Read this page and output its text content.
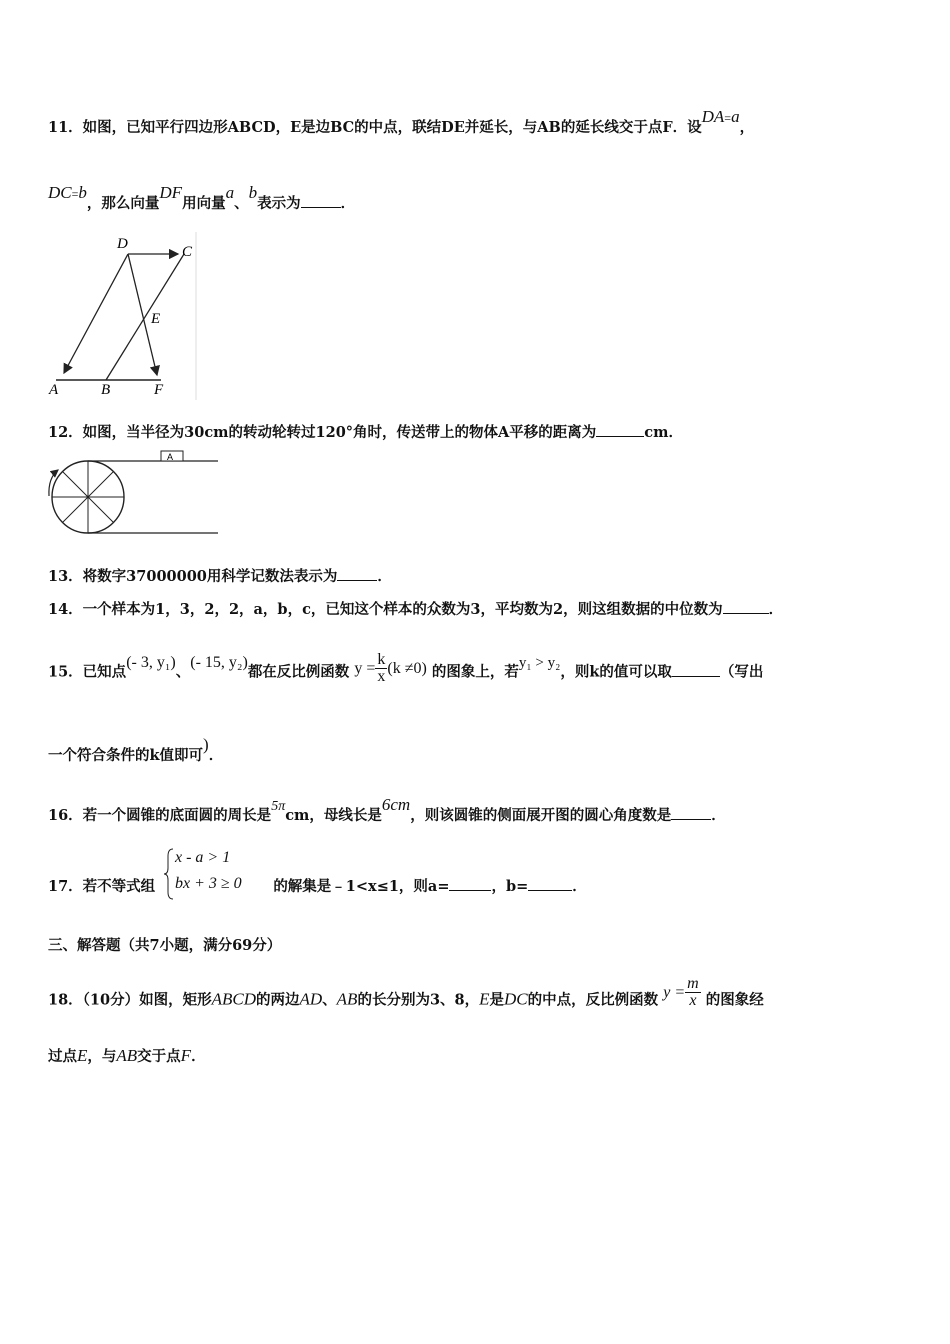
11．如图，已知平行四边形ABCD，E是边BC的中点，联结DE并延长，与AB的延长线交于点F．设DA=a，
DC=b，那么向量DF用向量a、b表示为	．
D	C
E
A	B	F
12．如图，当半径为30cm的转动轮转过120°角时，传送带上的物体A平移的距离为	cm．
A
13．将数字37000000用科学记数法表示为	．
14．一个样本为1，3，2，2，a，b，c，已知这个样本的众数为3，平均数为2，则这组数据的中位数为	．
15．已知点(- 3, y₁)、(- 15, y₂)都在反比例函数 $y = \frac{k}{x} (k \ne 0)$ 的图象上，若y₁ > y₂，则k的值可以取	（写出
一个符合条件的k值即可)．
16．若一个圆锥的底面圆的周长是5πcm，母线长是6cm，则该圆锥的侧面展开图的圆心角度数是	．
17．若不等式组	的解集是﹣1<x≤1，则a=	，b=	．
x - a > 1
bx + 3 ≥ 0
三、解答题（共7小题，满分69分）
18．（10分）如图，矩形ABCD的两边AD、AB的长分别为3、8，E是DC的中点，反比例函数 $y = \frac{m}{x}$ 的图象经
过点E，与AB交于点F．
